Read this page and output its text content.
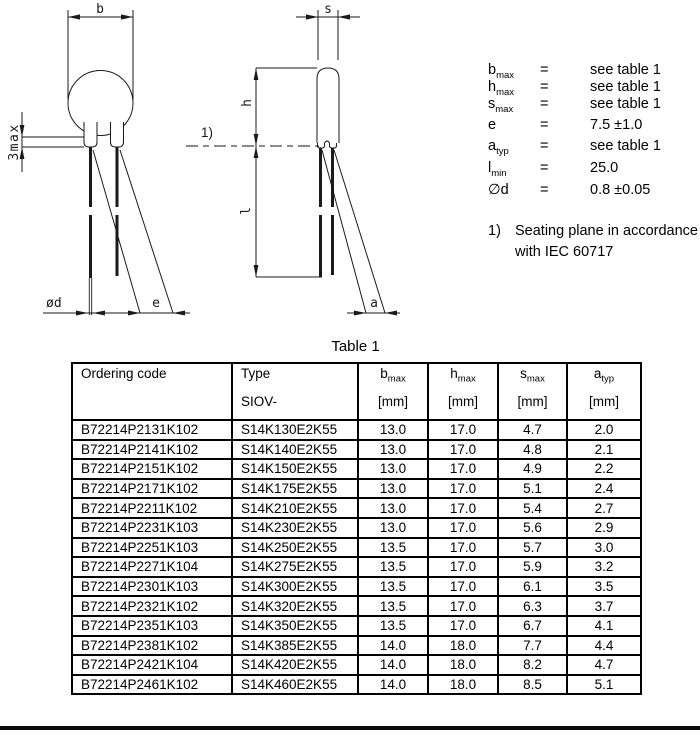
ød	e
b
3max	1)
a
s
h
l
$b_{max}$	=	see table 1
$h_{max}$	=	see table 1
$s_{max}$	=	see table 1
e	=	7.5 ±1.0
$a_{typ}$	=	see table 1
$l_{min}$	=	25.0
∅d	=	0.8 ±0.05
1) Seating plane in accordance with IEC 60717
Table 1
Ordering code	Type
SIOV-

$b_{max}$
[mm]

$h_{max}$
[mm]

$s_{max}$
[mm]

$a_{typ}$
[mm]

B72214P2131K102	S14K130E2K55	13.0	17.0	4.7	2.0
B72214P2141K102	S14K140E2K55	13.0	17.0	4.8	2.1
B72214P2151K102	S14K150E2K55	13.0	17.0	4.9	2.2
B72214P2171K102	S14K175E2K55	13.0	17.0	5.1	2.4
B72214P2211K102	S14K210E2K55	13.0	17.0	5.4	2.7
B72214P2231K103	S14K230E2K55	13.0	17.0	5.6	2.9
B72214P2251K103	S14K250E2K55	13.5	17.0	5.7	3.0
B72214P2271K104	S14K275E2K55	13.5	17.0	5.9	3.2
B72214P2301K103	S14K300E2K55	13.5	17.0	6.1	3.5
B72214P2321K102	S14K320E2K55	13.5	17.0	6.3	3.7
B72214P2351K103	S14K350E2K55	13.5	17.0	6.7	4.1
B72214P2381K102	S14K385E2K55	14.0	18.0	7.7	4.4
B72214P2421K104	S14K420E2K55	14.0	18.0	8.2	4.7
B72214P2461K102	S14K460E2K55	14.0	18.0	8.5	5.1
